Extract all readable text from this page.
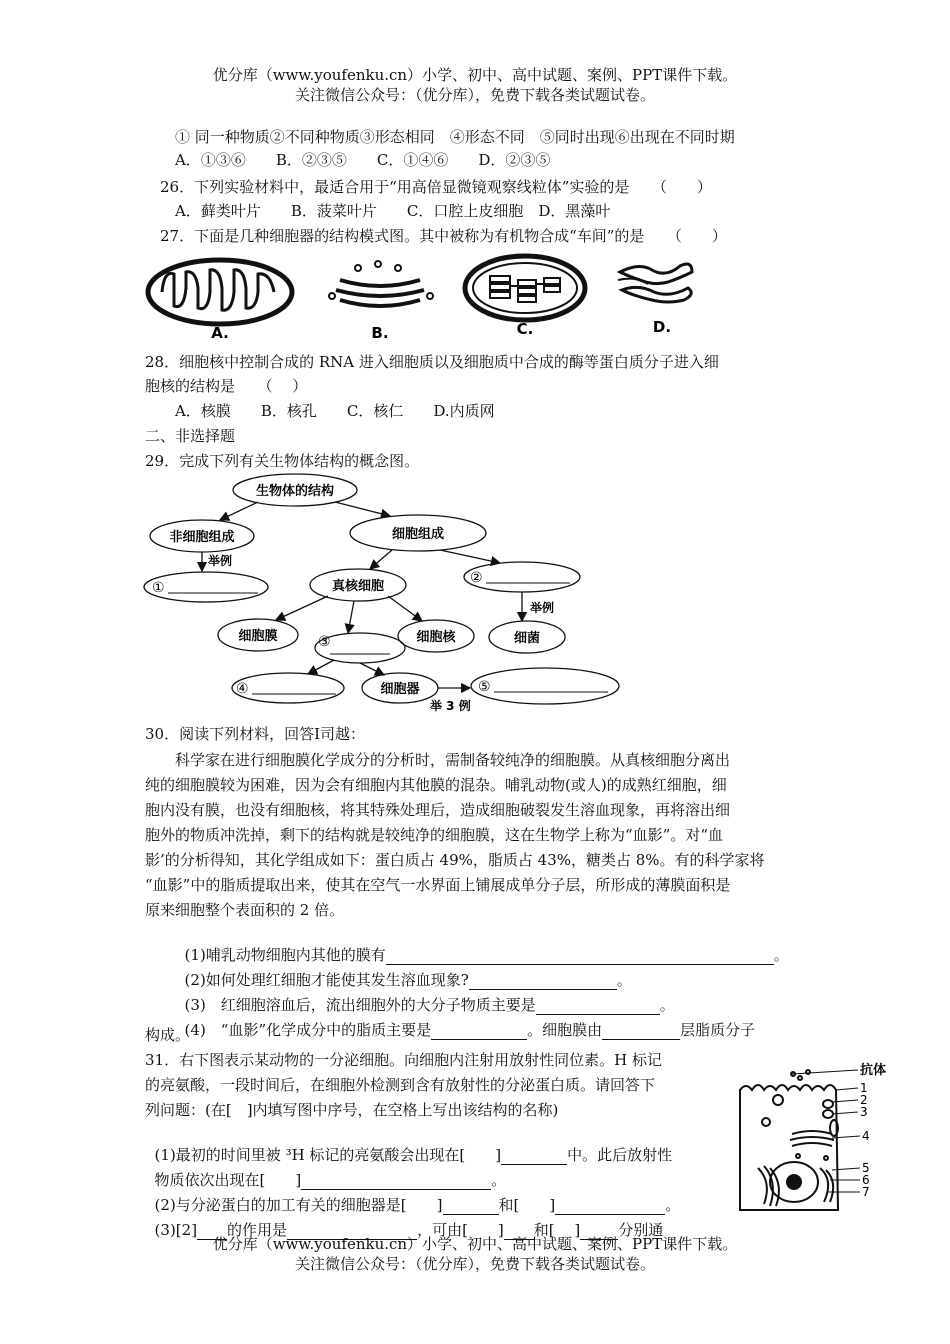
优分库（www.youfenku.cn）小学、初中、高中试题、案例、PPT课件下载。
关注微信公众号：（优分库），免费下载各类试题试卷。
① 同一种物质②不同种物质③形态相同　④形态不同　⑤同时出现⑥出现在不同时期
A．①③⑥　　B．②③⑤　　C．①④⑥　　D．②③⑤
26．下列实验材料中，最适合用于“用高倍显微镜观察线粒体”实验的是　　（　　）
A．藓类叶片　　B．菠菜叶片　　C．口腔上皮细胞　D．黑藻叶
27．下面是几种细胞器的结构模式图。其中被称为有机物合成“车间”的是　　（　　）
A.	B.	C.	D.
28．细胞核中控制合成的 RNA 进入细胞质以及细胞质中合成的酶等蛋白质分子进入细
胞核的结构是　　（　 ）
A．核膜　　B．核孔　　C．核仁　　D.内质网
二、非选择题
29．完成下列有关生物体结构的概念图。
生物体的结构
非细胞组成	细胞组成
举例
①	真核细胞
②
举例
细胞膜	③	细胞核	细菌
④	细胞器	⑤
举 3 例
30．阅读下列材料，回答Ⅰ司越：
科学家在进行细胞膜化学成分的分析时，需制备较纯净的细胞膜。从真核细胞分离出
纯的细胞膜较为困难，因为会有细胞内其他膜的混杂。哺乳动物(或人)的成熟红细胞，细
胞内没有膜，也没有细胞核，将其特殊处理后，造成细胞破裂发生溶血现象，再将溶出细
胞外的物质冲洗掉，剩下的结构就是较纯净的细胞膜，这在生物学上称为“血影”。对“血
影’的分析得知，其化学组成如下：蛋白质占 49%，脂质占 43%，糖类占 8%。有的科学家将
“血影”中的脂质提取出来，使其在空气一水界面上铺展成单分子层，所形成的薄膜面积是
原来细胞整个表面积的 2 倍。

(1)哺乳动物细胞内其他的膜有	。

(2)如何处理红细胞才能使其发生溶血现象?	。

(3)　红细胞溶血后，流出细胞外的大分子物质主要是	。

(4)　“血影”化学成分中的脂质主要是	。细胞膜由	层脂质分子

构成。
31．右下图表示某动物的一分泌细胞。向细胞内注射用放射性同位素。H 标记
的亮氨酸，一段时间后，在细胞外检测到含有放射性的分泌蛋白质。请回答下
列问题：(在[　]内填写图中序号，在空格上写出该结构的名称)

(1)最初的时间里被 ³H 标记的亮氨酸会出现在[　　]	中。此后放射性

物质依次出现在[　　]	。

(2)与分泌蛋白的加工有关的细胞器是[　　]	和[　　]	。

(3)[2] 的作用是	，可由[　　] 和[　 ]	分别通

抗体
1
2
3
4
5
6
7
优分库（www.youfenku.cn）小学、初中、高中试题、案例、PPT课件下载。
关注微信公众号：（优分库），免费下载各类试题试卷。
